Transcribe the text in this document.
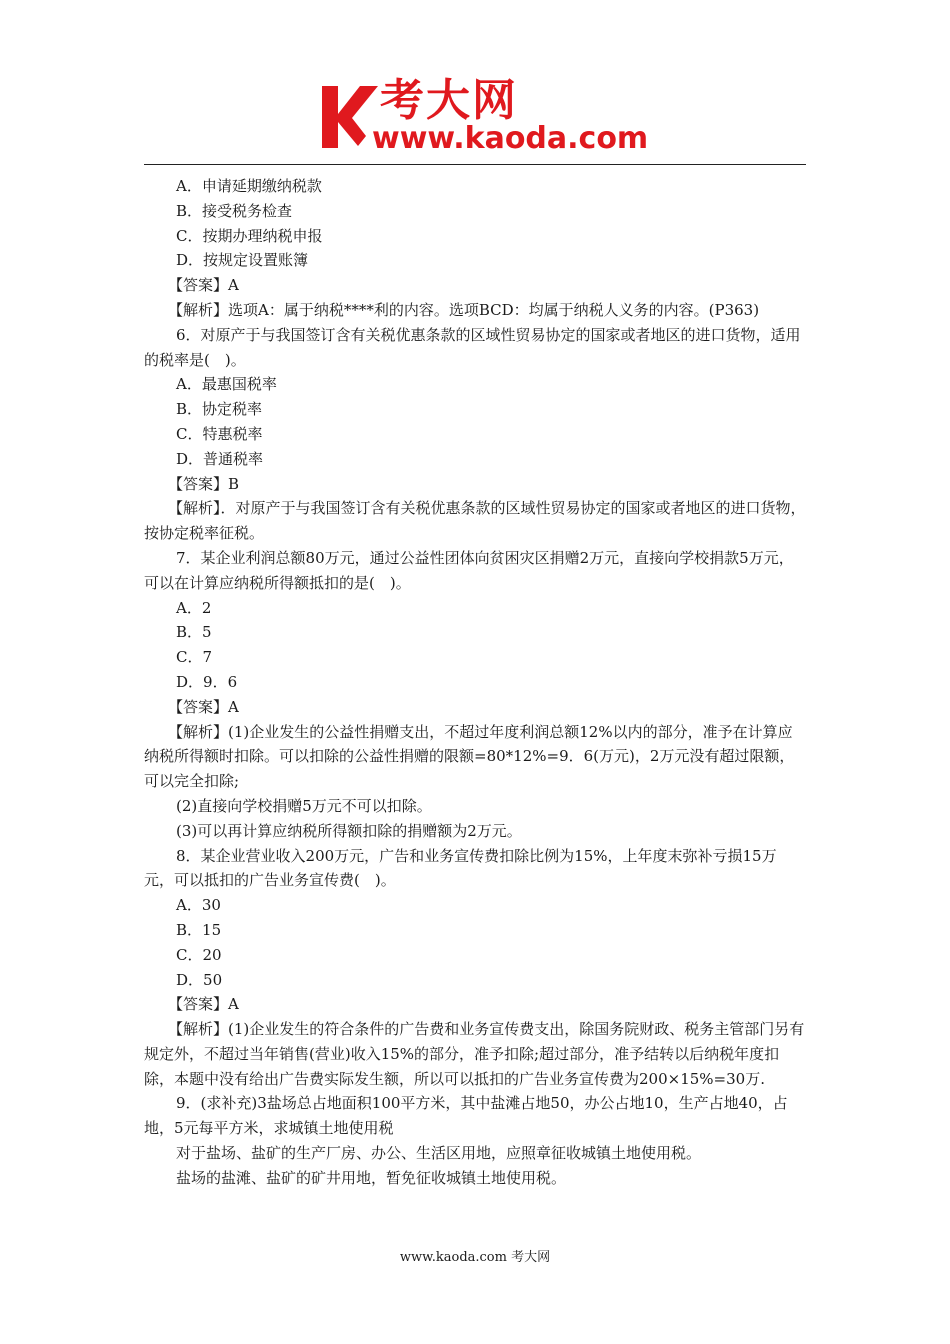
考大网
www.kaoda.com

A．申请延期缴纳税款

B．接受税务检查

C．按期办理纳税申报

D．按规定设置账簿

【答案】A

【解析】选项A：属于纳税****利的内容。选项BCD：均属于纳税人义务的内容。(P363)

6．对原产于与我国签订含有关税优惠条款的区域性贸易协定的国家或者地区的进口货物，适用的税率是(　)。

A．最惠国税率

B．协定税率

C．特惠税率

D．普通税率

【答案】B

【解析】．对原产于与我国签订含有关税优惠条款的区域性贸易协定的国家或者地区的进口货物，按协定税率征税。

7．某企业利润总额80万元，通过公益性团体向贫困灾区捐赠2万元，直接向学校捐款5万元，可以在计算应纳税所得额抵扣的是(　)。

A．2

B．5

C．7

D．9．6

【答案】A

【解析】(1)企业发生的公益性捐赠支出，不超过年度利润总额12%以内的部分，准予在计算应纳税所得额时扣除。可以扣除的公益性捐赠的限额=80*12%=9．6(万元)，2万元没有超过限额，可以完全扣除;

(2)直接向学校捐赠5万元不可以扣除。

(3)可以再计算应纳税所得额扣除的捐赠额为2万元。

8．某企业营业收入200万元，广告和业务宣传费扣除比例为15%，上年度末弥补亏损15万元，可以抵扣的广告业务宣传费(　)。

A．30

B．15

C．20

D．50

【答案】A

【解析】(1)企业发生的符合条件的广告费和业务宣传费支出，除国务院财政、税务主管部门另有规定外，不超过当年销售(营业)收入15%的部分，准予扣除;超过部分，准予结转以后纳税年度扣除，本题中没有给出广告费实际发生额，所以可以抵扣的广告业务宣传费为200×15%=30万.

9．(求补充)3盐场总占地面积100平方米，其中盐滩占地50，办公占地10，生产占地40，占地，5元每平方米，求城镇土地使用税

对于盐场、盐矿的生产厂房、办公、生活区用地，应照章征收城镇土地使用税。

盐场的盐滩、盐矿的矿井用地，暂免征收城镇土地使用税。

www.kaoda.com 考大网
